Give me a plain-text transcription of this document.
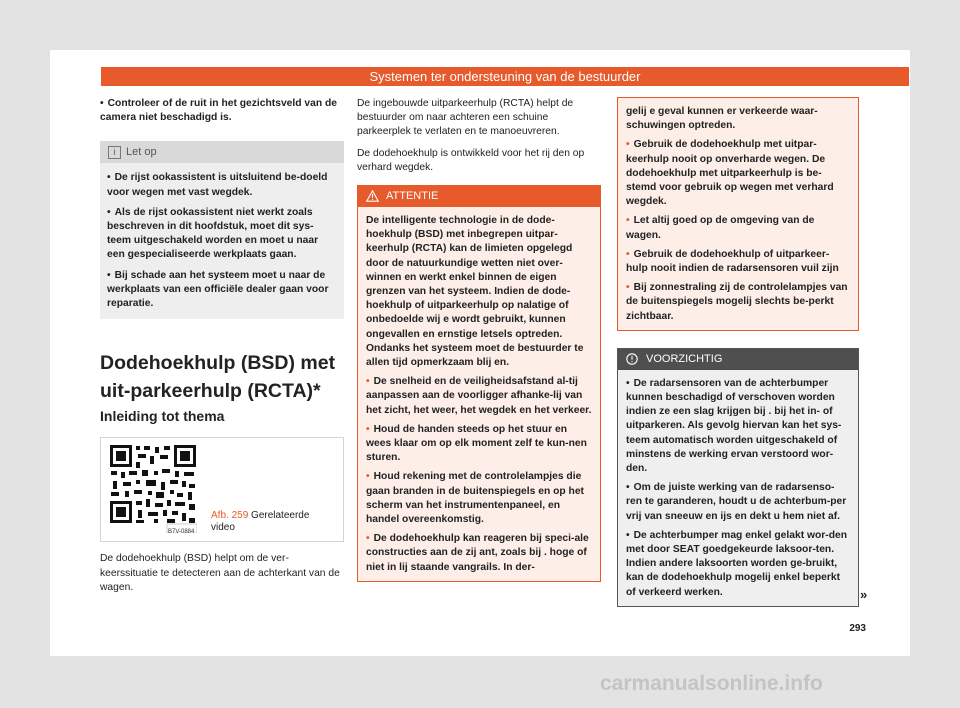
Systemen ter ondersteuning van de bestuurder
• Controleer of de ruit in het gezichtsveld van de camera niet beschadigd is.
i Let op
• De rijst ookassistent is uitsluitend be-doeld voor wegen met vast wegdek.
• Als de rijst ookassistent niet werkt zoals beschreven in dit hoofdstuk, moet dit sys-teem uitgeschakeld worden en moet u naar een gespecialiseerde werkplaats gaan.
• Bij schade aan het systeem moet u naar de werkplaats van een officiële dealer gaan voor reparatie.
Dodehoekhulp (BSD) met uit-parkeerhulp (RCTA)*
Inleiding tot thema
B7V-0884
Afb. 259 Gerelateerde video

De dodehoekhulp (BSD) helpt om de ver-keerssituatie te detecteren aan de achterkant van de wagen.

De ingebouwde uitparkeerhulp (RCTA) helpt de bestuurder om naar achteren een schuine parkeerplek te verlaten en te manoeuvreren.

De dodehoekhulp is ontwikkeld voor het rij den op verhard wegdek.

ATTENTIE
De intelligente technologie in de dode-hoekhulp (BSD) met inbegrepen uitpar-keerhulp (RCTA) kan de limieten opgelegd door de natuurkundige wetten niet over-winnen en werkt enkel binnen de eigen grenzen van het systeem. Indien de dode-hoekhulp of uitparkeerhulp op nalatige of onbedoelde wij e wordt gebruikt, kunnen ongevallen en ernstige letsels optreden. Ondanks het systeem moet de bestuurder te allen tijd opmerkzaam blij en.
• De snelheid en de veiligheidsafstand al-tij aanpassen aan de voorligger afhanke-lij van het zicht, het weer, het wegdek en het verkeer.
• Houd de handen steeds op het stuur en wees klaar om op elk moment zelf te kun-nen sturen.
• Houd rekening met de controlelampjes die gaan branden in de buitenspiegels en op het scherm van het instrumentenpaneel, en handel overeenkomstig.
• De dodehoekhulp kan reageren bij speci-ale constructies aan de zij ant, zoals bij . hoge of niet in lij staande vangrails. In der-
gelij e geval kunnen er verkeerde waar-schuwingen optreden.
• Gebruik de dodehoekhulp met uitpar-keerhulp nooit op onverharde wegen. De dodehoekhulp met uitparkeerhulp is be-stemd voor gebruik op wegen met verhard wegdek.
• Let altij goed op de omgeving van de wagen.
• Gebruik de dodehoekhulp of uitparkeer-hulp nooit indien de radarsensoren vuil zijn
• Bij zonnestraling zij de controlelampjes van de buitenspiegels mogelij slechts be-perkt zichtbaar.
VOORZICHTIG
• De radarsensoren van de achterbumper kunnen beschadigd of verschoven worden indien ze een slag krijgen bij . bij het in- of uitparkeren. Als gevolg hiervan kan het sys-teem automatisch worden uitgeschakeld of minstens de werking ervan verstoord wor-den.
• Om de juiste werking van de radarsenso-ren te garanderen, houdt u de achterbum-per vrij van sneeuw en ijs en dekt u hem niet af.
• De achterbumper mag enkel gelakt wor-den met door SEAT goedgekeurde laksoor-ten. Indien andere laksoorten worden ge-bruikt, kan de dodehoekhulp mogelij enkel beperkt of verkeerd werken.	»
293
carmanualsonline.info
